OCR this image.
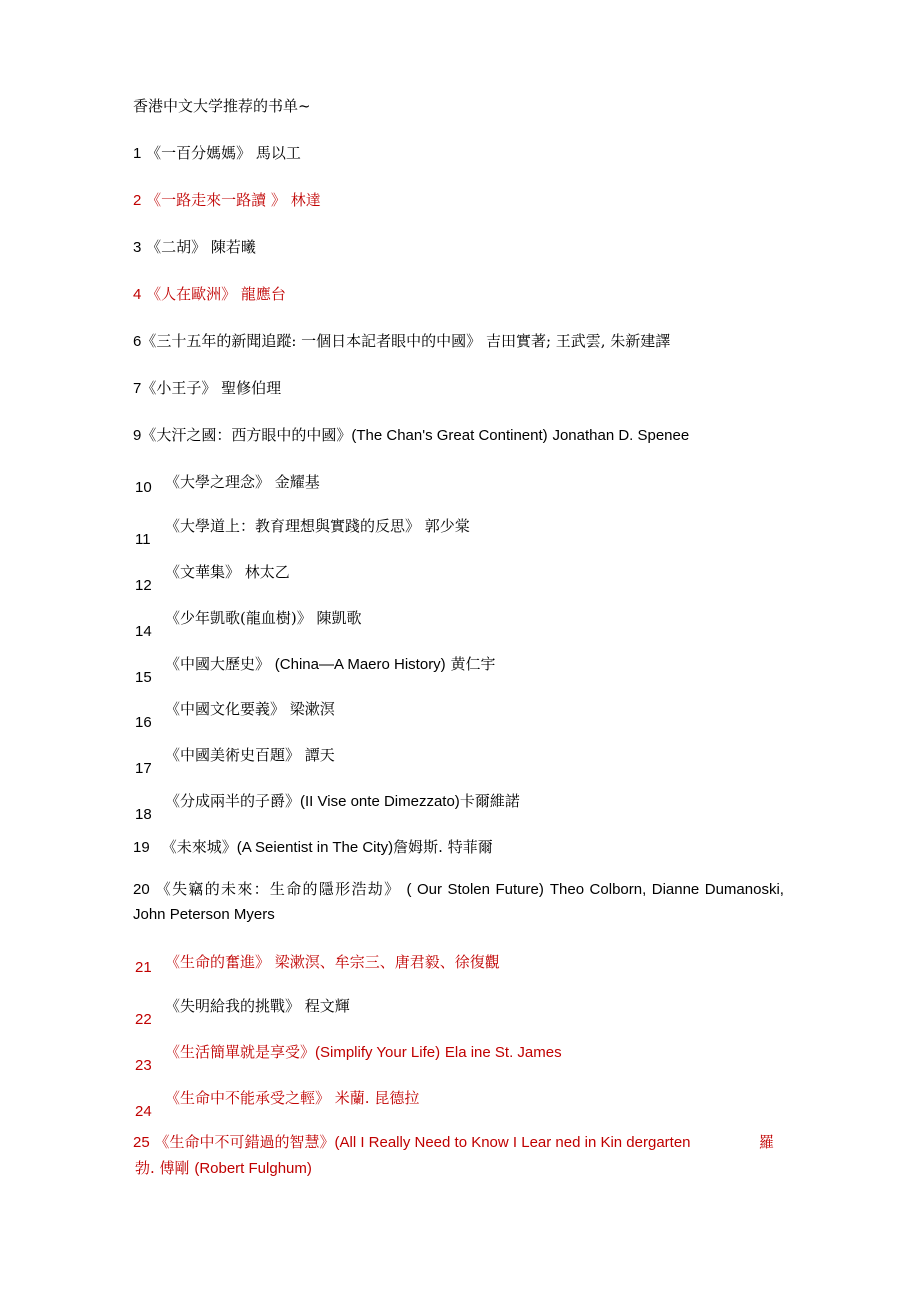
香港中文大学推荐的书单~
1 《一百分媽媽》 馬以工
2 《一路走來一路讀 》 林達
3 《二胡》 陳若曦
4 《人在歐洲》 龍應台
6《三十五年的新聞追蹤: 一個日本記者眼中的中國》 吉田實著; 王武雲, 朱新建譯
7《小王子》 聖修伯理
9《大汗之國：西方眼中的中國》(The Chan's Great Continent) Jonathan D. Spenee
10 《大學之理念》 金耀基
11
《大學道上：教育理想與實踐的反思》 郭少棠
12
《文華集》 林太乙
14
《少年凱歌(龍血樹)》 陳凱歌
15
《中國大歷史》 (China—A Maero History) 黄仁宇
16
《中國文化要義》 梁漱溟
17
《中國美術史百題》 譚天
18
《分成兩半的子爵》(II Vise onte Dimezzato)卡爾維諾
19 《未來城》(A Seientist in The City)詹姆斯. 特菲爾
20 《失竊的未來：生命的隱形浩劫》 ( Our Stolen Future) Theo Colborn, Dianne Dumanoski, John Peterson Myers
21 《生命的奮進》 梁漱溟、牟宗三、唐君毅、徐復觀
22
《失明給我的挑戰》 程文輝
23
《生活簡單就是享受》(Simplify Your Life) Ela ine St. James
24
《生命中不能承受之輕》 米蘭. 昆德拉
25 《生命中不可錯過的智慧》(All I Really Need to Know I Lear ned in Kin dergarten	羅
勃. 傅剛 (Robert Fulghum)
